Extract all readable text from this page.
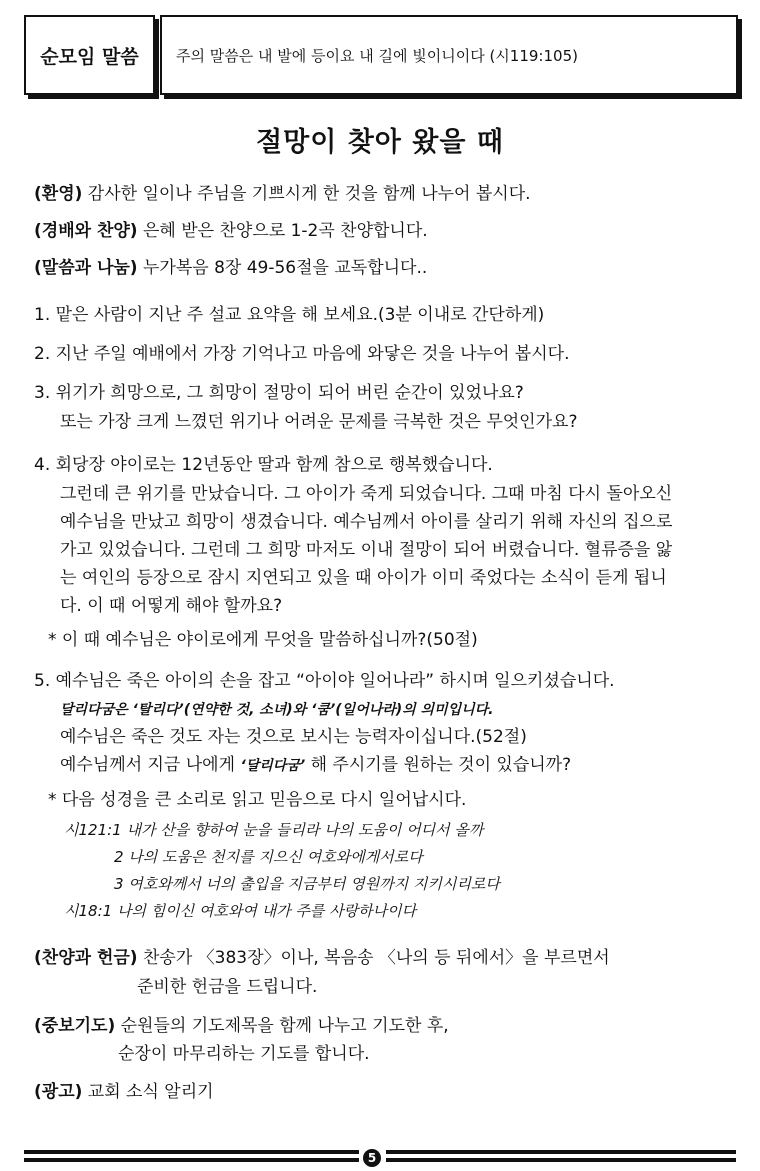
순모임 말씀 주의 말씀은 내 발에 등이요 내 길에 빛이니이다 (시119:105)
절망이 찾아 왔을 때
(환영) 감사한 일이나 주님을 기쁘시게 한 것을 함께 나누어 봅시다.
(경배와 찬양) 은혜 받은 찬양으로 1-2곡 찬양합니다.
(말씀과 나눔) 누가복음 8장 49-56절을 교독합니다..
1. 맡은 사람이 지난 주 설교 요약을 해 보세요.(3분 이내로 간단하게)
2. 지난 주일 예배에서 가장 기억나고 마음에 와닿은 것을 나누어 봅시다.
3. 위기가 희망으로, 그 희망이 절망이 되어 버린 순간이 있었나요?
또는 가장 크게 느꼈던 위기나 어려운 문제를 극복한 것은 무엇인가요?
4. 회당장 야이로는 12년동안 딸과 함께 참으로 행복했습니다.
그런데 큰 위기를 만났습니다. 그 아이가 죽게 되었습니다. 그때 마침 다시 돌아오신
예수님을 만났고 희망이 생겼습니다. 예수님께서 아이를 살리기 위해 자신의 집으로
가고 있었습니다. 그런데 그 희망 마저도 이내 절망이 되어 버렸습니다. 혈류증을 앓
는 여인의 등장으로 잠시 지연되고 있을 때 아이가 이미 죽었다는 소식이 듣게 됩니
다. 이 때 어떻게 해야 할까요?
* 이 때 예수님은 야이로에게 무엇을 말씀하십니까?(50절)
5. 예수님은 죽은 아이의 손을 잡고 “아이야 일어나라” 하시며 일으키셨습니다.
달리다굼은 ‘탈리다’(연약한 것, 소녀)와 ‘쿰’(일어나라)의 의미입니다.
예수님은 죽은 것도 자는 것으로 보시는 능력자이십니다.(52절)
예수님께서 지금 나에게 ‘달리다굼’ 해 주시기를 원하는 것이 있습니까?
* 다음 성경을 큰 소리로 읽고 믿음으로 다시 일어납시다.
시121:1 내가 산을 향하여 눈을 들리라 나의 도움이 어디서 올까
2 나의 도움은 천지를 지으신 여호와에게서로다
3 여호와께서 너의 출입을 지금부터 영원까지 지키시리로다
시18:1 나의 힘이신 여호와여 내가 주를 사랑하나이다
(찬양과 헌금) 찬송가 〈383장〉이나, 복음송 〈나의 등 뒤에서〉을 부르면서
준비한 헌금을 드립니다.
(중보기도) 순원들의 기도제목을 함께 나누고 기도한 후,
순장이 마무리하는 기도를 합니다.
(광고) 교회 소식 알리기
5
